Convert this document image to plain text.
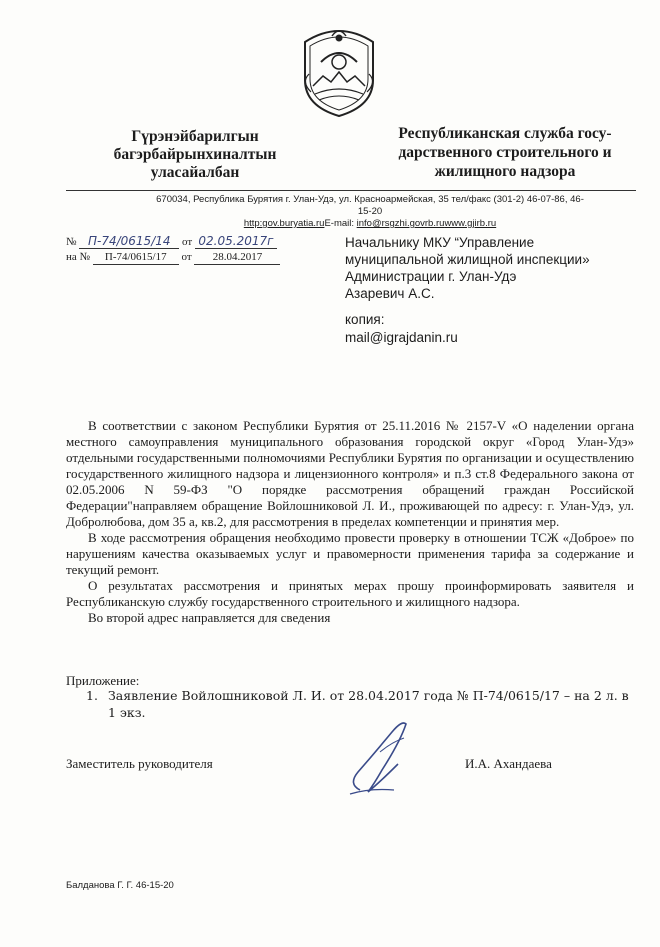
Гүрэнэйбарилгын
багэрбайрынхиналтын
уласайалбан
Республиканская служба госу-
дарственного строительного и
жилищного надзора
670034, Республика Бурятия г. Улан-Удэ, ул. Красноармейская, 35 тел/факс (301-2) 46-07-86, 46-15-20
http:gov.buryatia.ruE-mail: info@rsgzhi.govrb.ruwww.gjirb.ru
№ П-74/0615/14 от 02.05.2017г
на № П-74/0615/17 от 28.04.2017
Начальнику МКУ “Управление
муниципальной жилищной инспекции»
Администрации г. Улан-Удэ
Азаревич А.С.
копия:
mail@igrajdanin.ru

В соответствии с законом Республики Бурятия от 25.11.2016 № 2157-V «О наделении органа местного самоуправления муниципального образования городской округ «Город Улан-Удэ» отдельными государственными полномочиями Республики Бурятия по организации и осуществлению государственного жилищного надзора и лицензионного контроля» и п.3 ст.8 Федерального закона от 02.05.2006 N 59-ФЗ "О порядке рассмотрения обращений граждан Российской Федерации"направляем обращение Войлошниковой Л. И., проживающей по адресу: г. Улан-Удэ, ул. Добролюбова, дом 35 а, кв.2, для рассмотрения в пределах компетенции и принятия мер.

В ходе рассмотрения обращения необходимо провести проверку в отношении ТСЖ «Доброе» по нарушениям качества оказываемых услуг и правомерности применения тарифа за содержание и текущий ремонт.

О результатах рассмотрения и принятых мерах прошу проинформировать заявителя и Республиканскую службу государственного строительного и жилищного надзора.

Во второй адрес направляется для сведения

Приложение:
1. Заявление Войлошниковой Л. И. от 28.04.2017 года № П-74/0615/17 – на 2 л. в 1 экз.
Заместитель руководителя	И.А. Ахандаева
Балданова Г. Г. 46-15-20
